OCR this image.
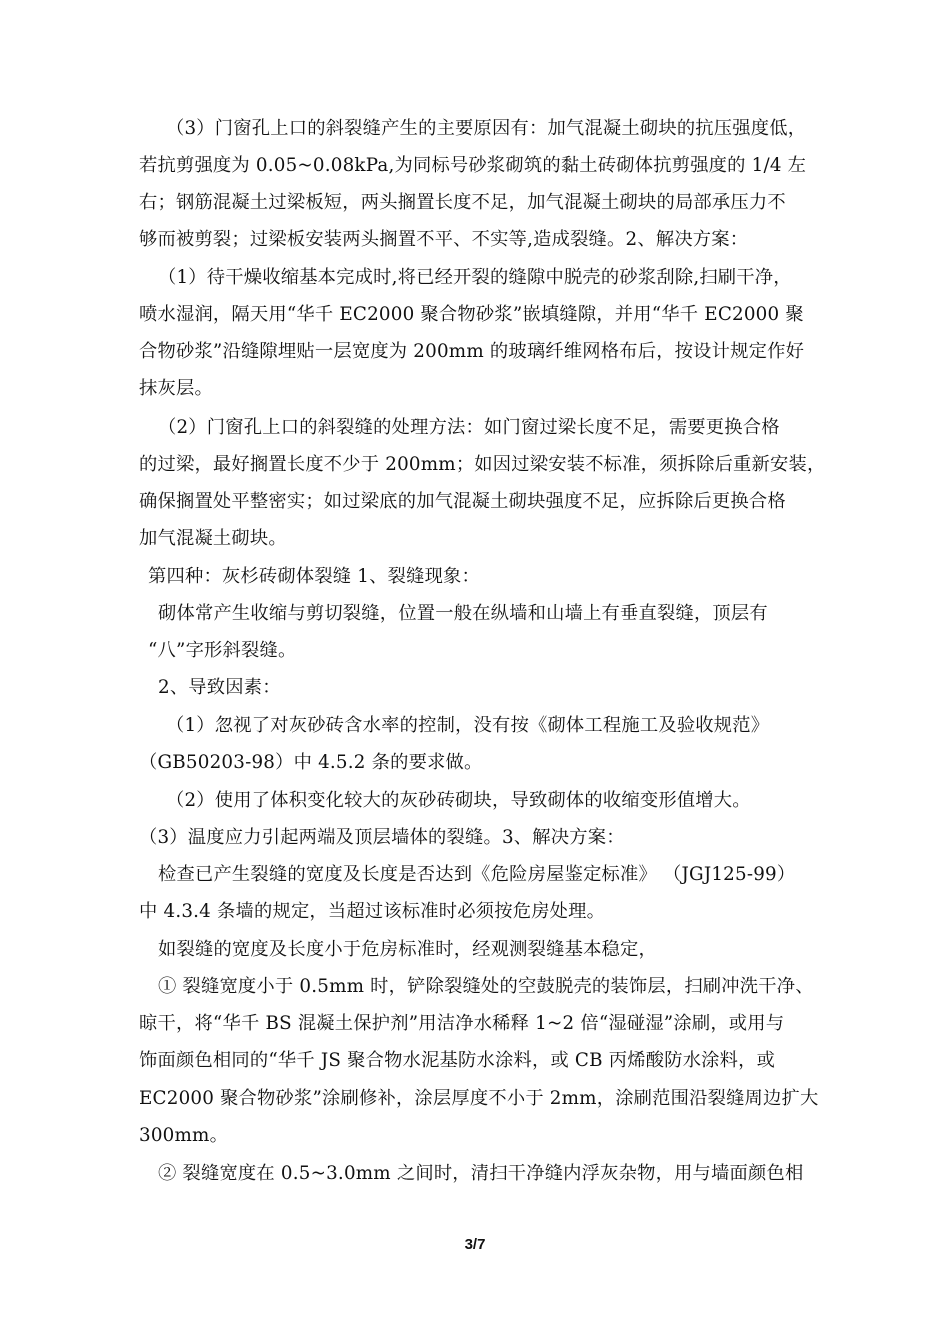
（3）门窗孔上口的斜裂缝产生的主要原因有：加气混凝土砌块的抗压强度低，
若抗剪强度为 0.05~0.08kPa,为同标号砂浆砌筑的黏土砖砌体抗剪强度的 1/4 左
右；钢筋混凝土过梁板短，两头搁置长度不足，加气混凝土砌块的局部承压力不
够而被剪裂；过梁板安装两头搁置不平、不实等,造成裂缝。2、解决方案：
（1）待干燥收缩基本完成时,将已经开裂的缝隙中脱壳的砂浆刮除,扫刷干净，
喷水湿润，隔天用“华千 EC2000 聚合物砂浆”嵌填缝隙，并用“华千 EC2000 聚
合物砂浆”沿缝隙埋贴一层宽度为 200mm 的玻璃纤维网格布后，按设计规定作好
抹灰层。
（2）门窗孔上口的斜裂缝的处理方法：如门窗过梁长度不足，需要更换合格
的过梁，最好搁置长度不少于 200mm；如因过梁安装不标准，须拆除后重新安装，
确保搁置处平整密实；如过梁底的加气混凝土砌块强度不足，应拆除后更换合格
加气混凝土砌块。
第四种：灰杉砖砌体裂缝 1、裂缝现象：
砌体常产生收缩与剪切裂缝，位置一般在纵墙和山墙上有垂直裂缝，顶层有
“八”字形斜裂缝。
2、导致因素：
（1）忽视了对灰砂砖含水率的控制，没有按《砌体工程施工及验收规范》
（GB50203-98）中 4.5.2 条的要求做。
（2）使用了体积变化较大的灰砂砖砌块，导致砌体的收缩变形值增大。
（3）温度应力引起两端及顶层墙体的裂缝。3、解决方案：
检查已产生裂缝的宽度及长度是否达到《危险房屋鉴定标准》 （JGJ125-99）
中 4.3.4 条墙的规定，当超过该标准时必须按危房处理。
如裂缝的宽度及长度小于危房标准时，经观测裂缝基本稳定，
① 裂缝宽度小于 0.5mm 时，铲除裂缝处的空鼓脱壳的装饰层，扫刷冲洗干净、
晾干，将“华千 BS 混凝土保护剂”用洁净水稀释 1~2 倍“湿碰湿”涂刷，或用与
饰面颜色相同的“华千 JS 聚合物水泥基防水涂料，或 CB 丙烯酸防水涂料，或
EC2000 聚合物砂浆”涂刷修补，涂层厚度不小于 2mm，涂刷范围沿裂缝周边扩大
300mm。
② 裂缝宽度在 0.5~3.0mm 之间时，清扫干净缝内浮灰杂物，用与墙面颜色相
3/7
